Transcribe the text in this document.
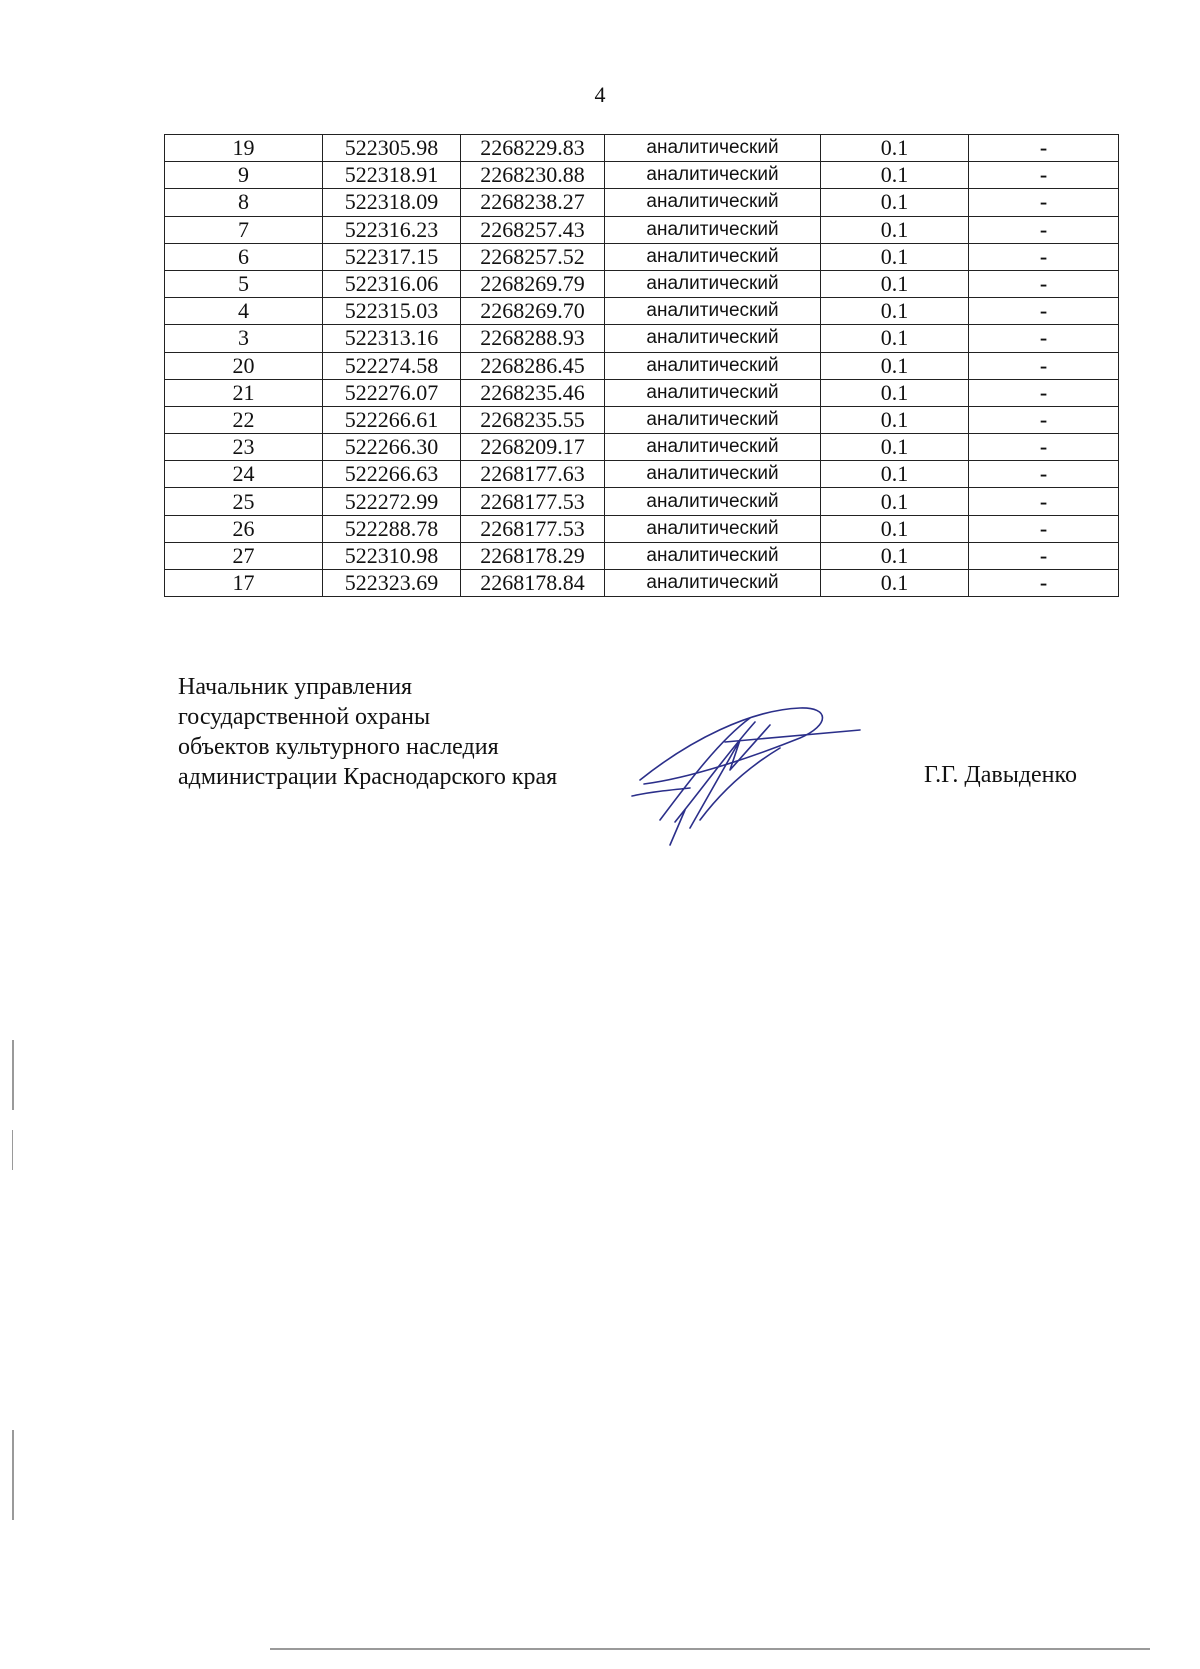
4
19	522305.98	2268229.83	аналитический	0.1	-
9	522318.91	2268230.88	аналитический	0.1	-
8	522318.09	2268238.27	аналитический	0.1	-
7	522316.23	2268257.43	аналитический	0.1	-
6	522317.15	2268257.52	аналитический	0.1	-
5	522316.06	2268269.79	аналитический	0.1	-
4	522315.03	2268269.70	аналитический	0.1	-
3	522313.16	2268288.93	аналитический	0.1	-
20	522274.58	2268286.45	аналитический	0.1	-
21	522276.07	2268235.46	аналитический	0.1	-
22	522266.61	2268235.55	аналитический	0.1	-
23	522266.30	2268209.17	аналитический	0.1	-
24	522266.63	2268177.63	аналитический	0.1	-
25	522272.99	2268177.53	аналитический	0.1	-
26	522288.78	2268177.53	аналитический	0.1	-
27	522310.98	2268178.29	аналитический	0.1	-
17	522323.69	2268178.84	аналитический	0.1	-
Начальник управления
государственной охраны
объектов культурного наследия
администрации Краснодарского края	Г.Г. Давыденко
